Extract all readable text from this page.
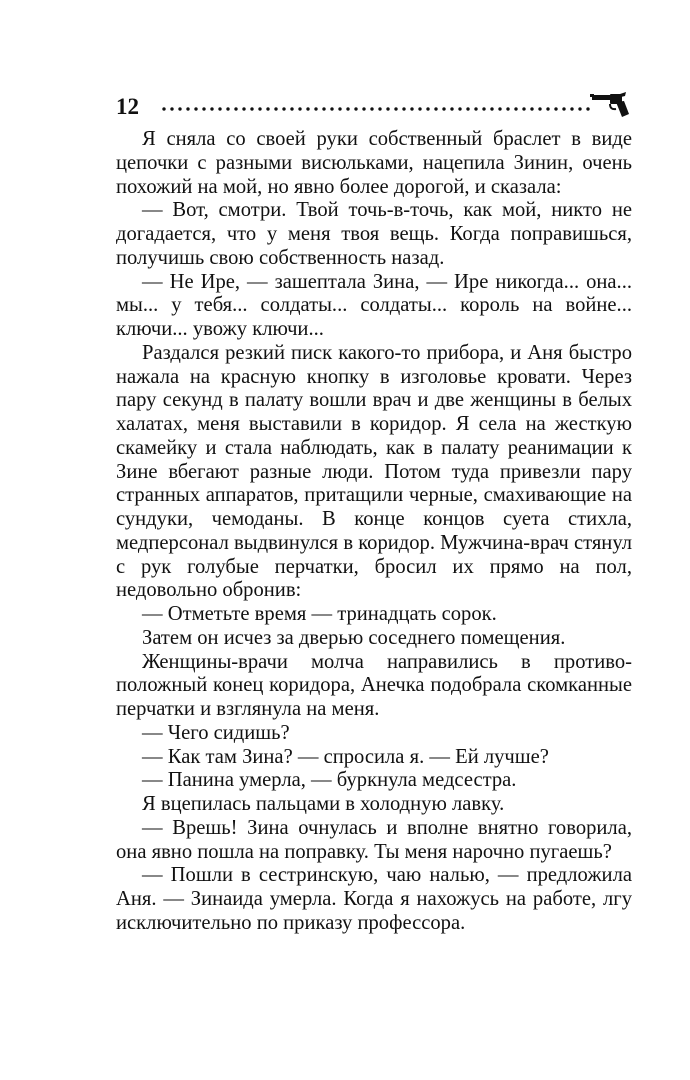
12

Я сняла со своей руки собственный браслет в виде цепочки с разными висюльками, нацепила Зинин, очень похожий на мой, но явно более дорогой, и сказала:

— Вот, смотри. Твой точь-в-точь, как мой, никто не догадается, что у меня твоя вещь. Когда поправишься, получишь свою собственность назад.

— Не Ире, — зашептала Зина, — Ире никогда... она... мы... у тебя... солдаты... солдаты... король на войне... ключи... увожу ключи...

Раздался резкий писк какого-то прибора, и Аня быстро нажала на красную кнопку в изголовье кровати. Через пару секунд в палату вошли врач и две женщины в белых халатах, меня выставили в коридор. Я села на жесткую скамейку и стала наблюдать, как в палату реанимации к Зине вбегают разные люди. Потом туда привезли пару странных аппаратов, притащили черные, смахивающие на сундуки, чемоданы. В конце концов суета стихла, медперсонал выдвинулся в коридор. Мужчина-врач стянул с рук голубые перчатки, бросил их прямо на пол, недовольно обронив:

— Отметьте время — тринадцать сорок.

Затем он исчез за дверью соседнего помещения.

Женщины-врачи молча направились в противоположный конец коридора, Анечка подобрала скомканные перчатки и взглянула на меня.

— Чего сидишь?

— Как там Зина? — спросила я. — Ей лучше?

— Панина умерла, — буркнула медсестра.

Я вцепилась пальцами в холодную лавку.

— Врешь! Зина очнулась и вполне внятно говорила, она явно пошла на поправку. Ты меня нарочно пугаешь?

— Пошли в сестринскую, чаю налью, — предложила Аня. — Зинаида умерла. Когда я нахожусь на работе, лгу исключительно по приказу профессора.
